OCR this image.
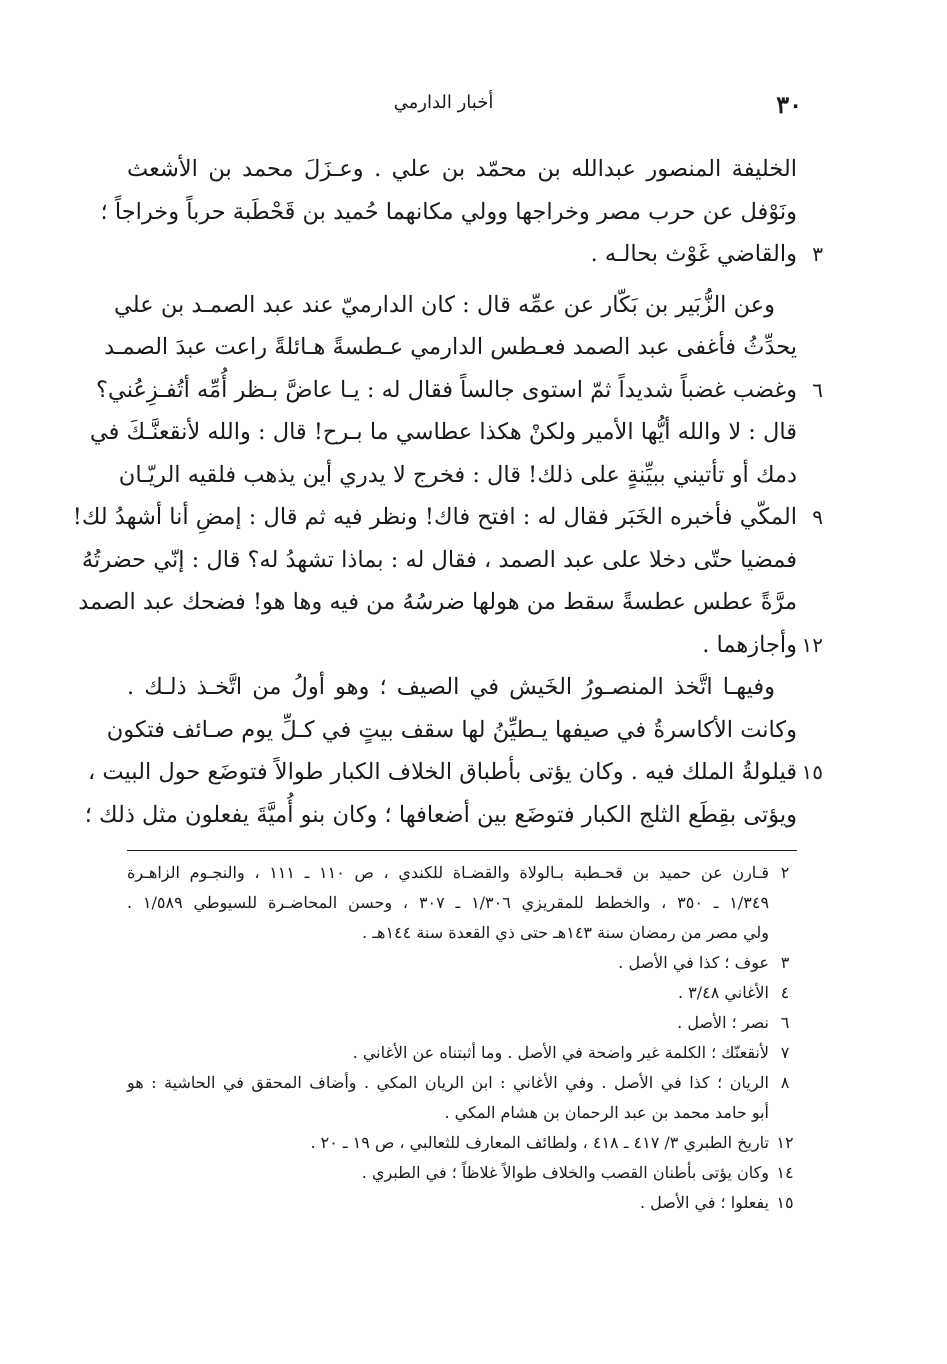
٣٠
أخبار الدارمي
الخليفة المنصور عبدالله بن محمّد بن علي . وعـزَلَ محمد بن الأشعث
ونَوْفل عن حرب مصر وخراجها وولي مكانهما حُميد بن قَحْطَبة حرباً وخراجاً ؛
٣
والقاضي غَوْث بحالـه .
وعن الزُّبَير بن بَكّار عن عمِّه قال : كان الدارميّ عند عبد الصمـد بن علي
يحدِّثُ فأغفى عبد الصمد فعـطس الدارمي عـطسةً هـائلةً راعت عبدَ الصمـد
٦
وغضب غضباً شديداً ثمّ استوى جالساً فقال له : يـا عاضَّ بـظر أُمِّه أتُفـزِعُني؟
قال : لا والله أيُّها الأمير ولكنْ هكذا عطاسي ما بـرح! قال : والله لأنقعنَّـكَ في
دمك أو تأتيني ببيِّنةٍ على ذلك! قال : فخرج لا يدري أين يذهب فلقيه الريّـان
٩
المكّي فأخبره الخَبَر فقال له : افتح فاك! ونظر فيه ثم قال : إمضِ أنا أشهدُ لك!
فمضيا حتّى دخلا على عبد الصمد ، فقال له : بماذا تشهدُ له؟ قال : إنّي حضرتُهُ
مرَّةً عطس عطسةً سقط من هولها ضرسُهُ من فيه وها هو! فضحك عبد الصمد
١٢
وأجازهما .
وفيهـا اتَّخذ المنصـورُ الخَيش في الصيف ؛ وهو أولُ من اتَّخـذ ذلـك .
وكانت الأكاسرةُ في صيفها يـطيِّنُ لها سقف بيتٍ في كـلِّ يوم صـائف فتكون
١٥
قيلولةُ الملك فيه . وكان يؤتى بأطباق الخلاف الكبار طوالاً فتوضَع حول البيت ،
ويؤتى بقِطَع الثلج الكبار فتوضَع بين أضعافها ؛ وكان بنو أُميَّةَ يفعلون مثل ذلك ؛
٢
قـارن عن حميد بن قحـطبة بـالولاة والقضـاة للكندي ، ص ١١٠ ـ ١١١ ، والنجـوم الزاهـرة
١/٣٤٩ ـ ٣٥٠ ، والخطط للمقريزي ١/٣٠٦ ـ ٣٠٧ ، وحسن المحاضـرة للسيوطي ١/٥٨٩ .
ولي مصر من رمضان سنة ١٤٣هـ حتى ذي القعدة سنة ١٤٤هـ .
٣
عوف ؛ كذا في الأصل .
٤
الأغاني ٣/٤٨ .
٦
نصر ؛ الأصل .
٧
لأنقعنّك ؛ الكلمة غير واضحة في الأصل . وما أثبتناه عن الأغاني .
٨
الريان ؛ كذا في الأصل . وفي الأغاني : ابن الريان المكي . وأضاف المحقق في الحاشية : هو
أبو حامد محمد بن عبد الرحمان بن هشام المكي .
١٢
تاريخ الطبري ٣/ ٤١٧ ـ ٤١٨ ، ولطائف المعارف للثعالبي ، ص ١٩ ـ ٢٠ .
١٤
وكان يؤتى بأطنان القصب والخلاف طوالاً غلاظاً ؛ في الطبري .
١٥
يفعلوا ؛ في الأصل .
